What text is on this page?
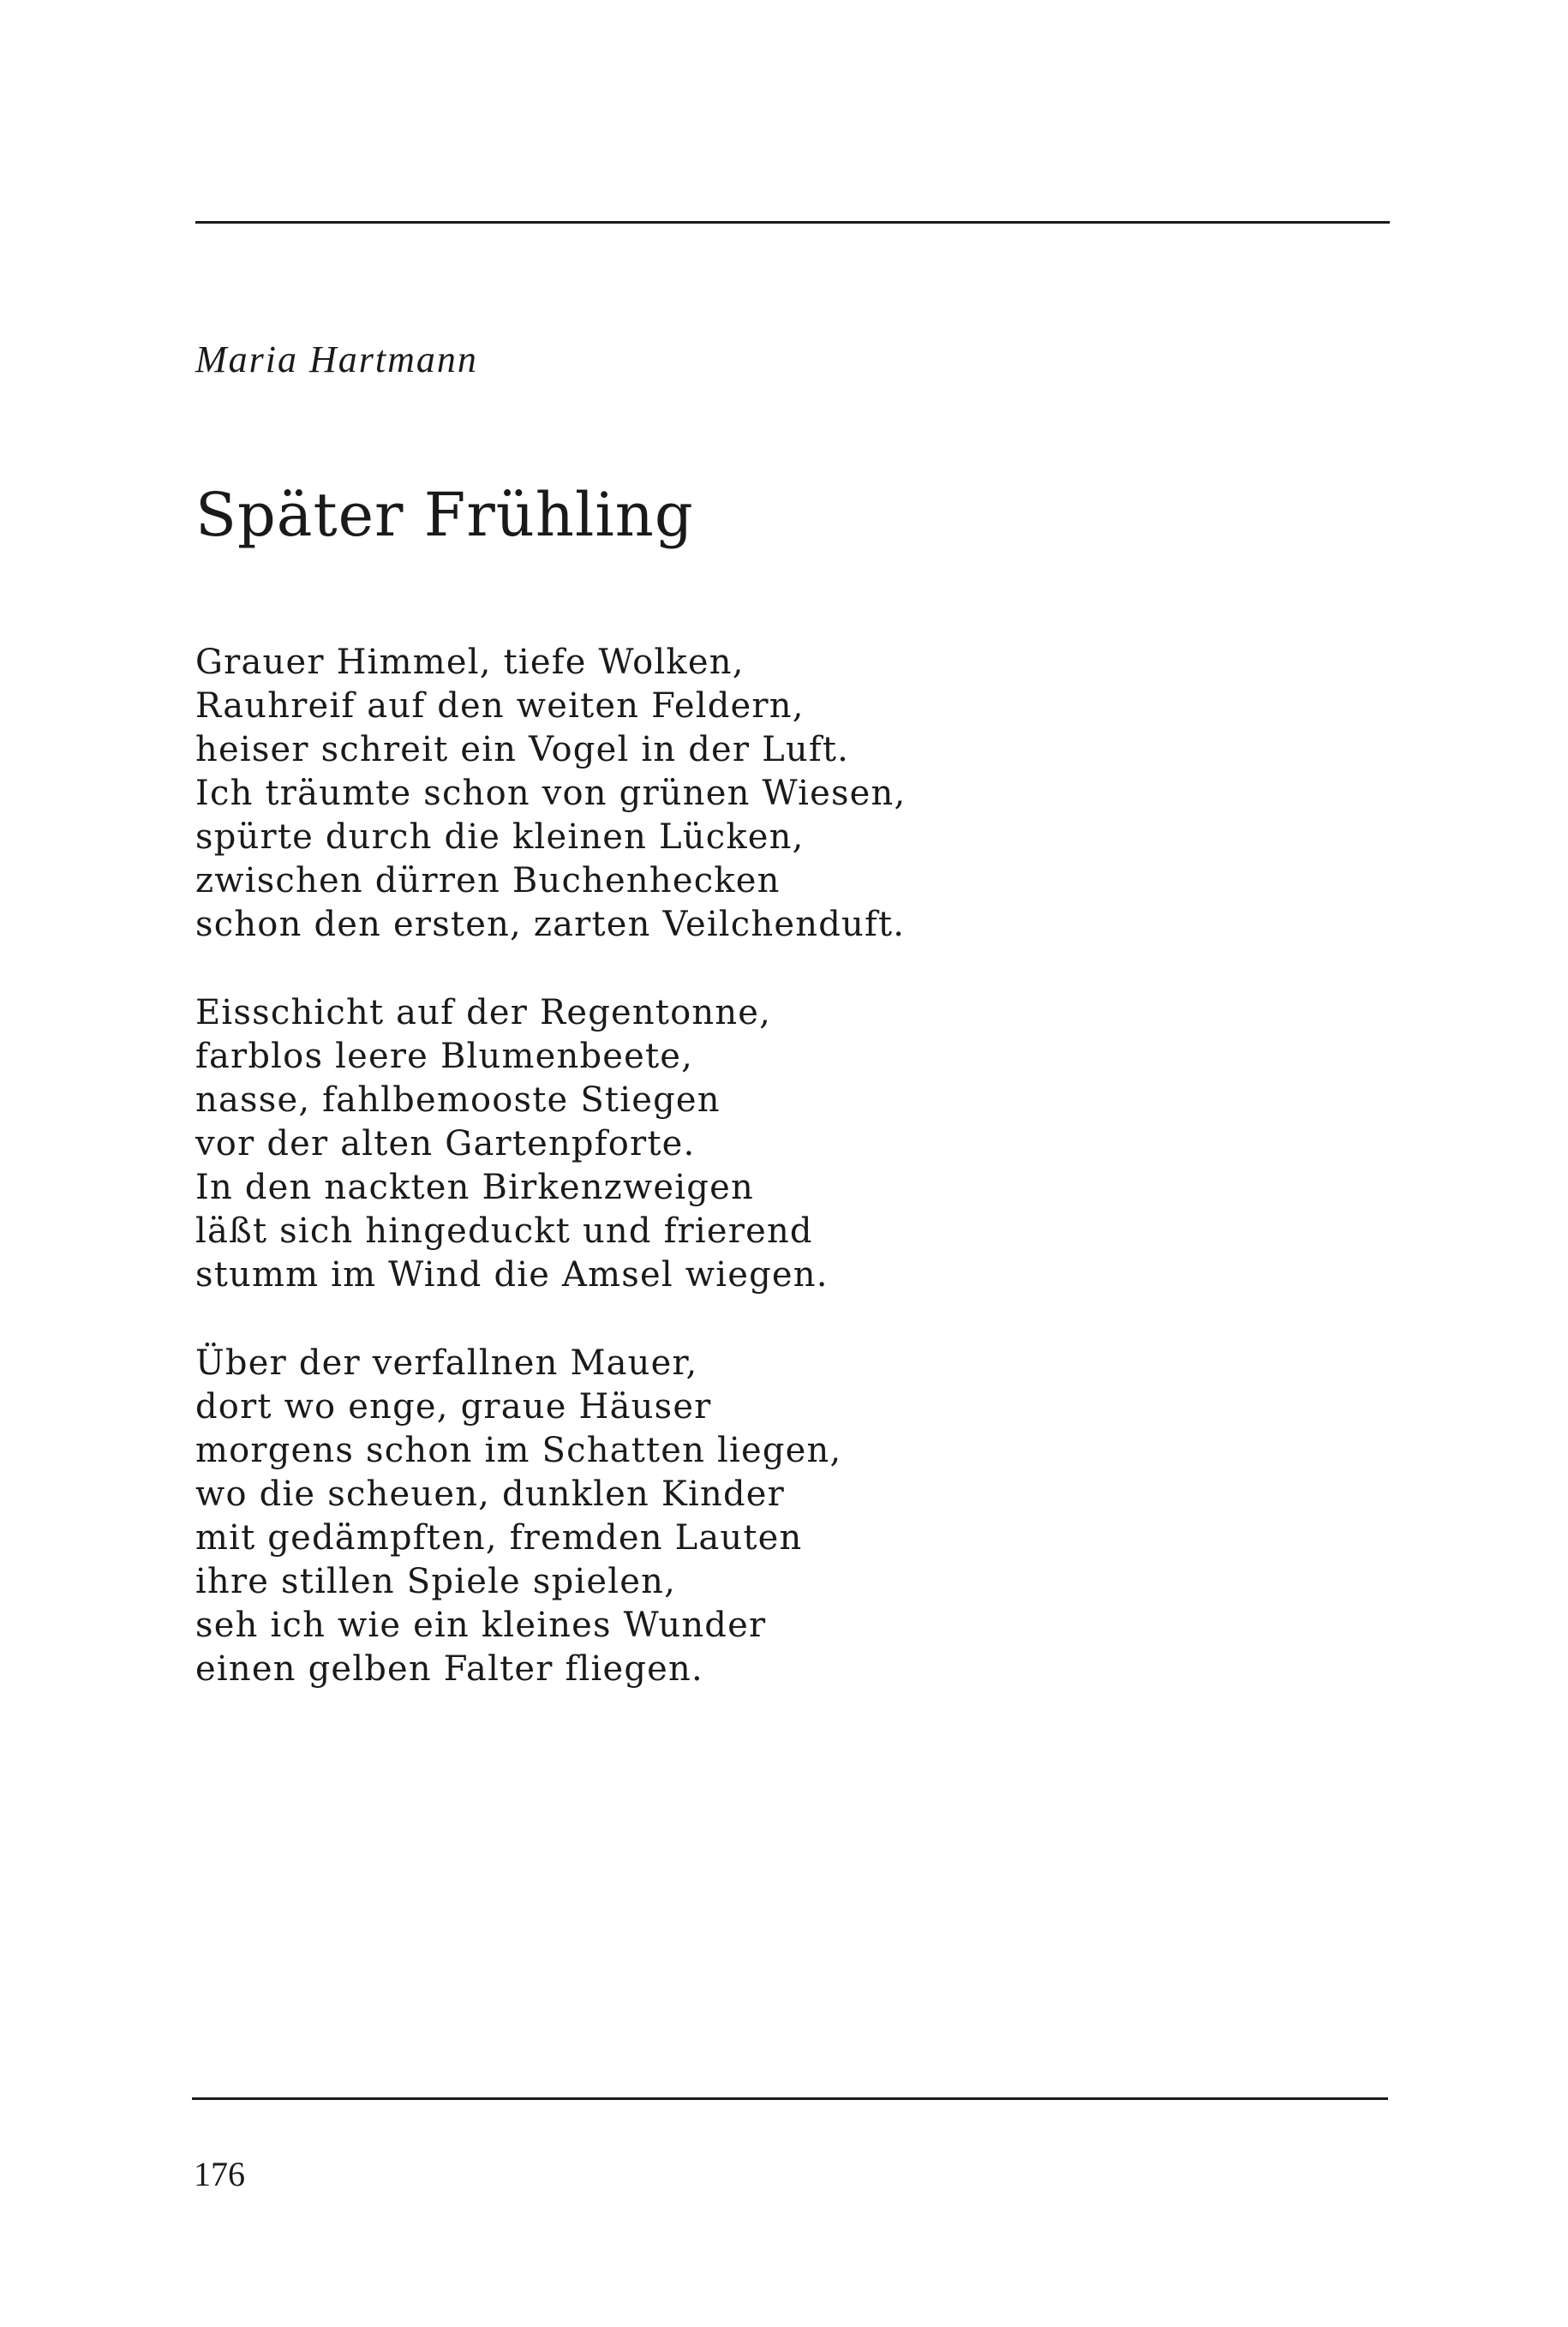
Maria Hartmann

Später Frühling
Grauer Himmel, tiefe Wolken,
Rauhreif auf den weiten Feldern,
heiser schreit ein Vogel in der Luft.
Ich träumte schon von grünen Wiesen,
spürte durch die kleinen Lücken,
zwischen dürren Buchenhecken
schon den ersten, zarten Veilchenduft.
Eisschicht auf der Regentonne,
farblos leere Blumenbeete,
nasse, fahlbemooste Stiegen
vor der alten Gartenpforte.
In den nackten Birkenzweigen
läßt sich hingeduckt und frierend
stumm im Wind die Amsel wiegen.
Über der verfallnen Mauer,
dort wo enge, graue Häuser
morgens schon im Schatten liegen,
wo die scheuen, dunklen Kinder
mit gedämpften, fremden Lauten
ihre stillen Spiele spielen,
seh ich wie ein kleines Wunder
einen gelben Falter fliegen.

176
